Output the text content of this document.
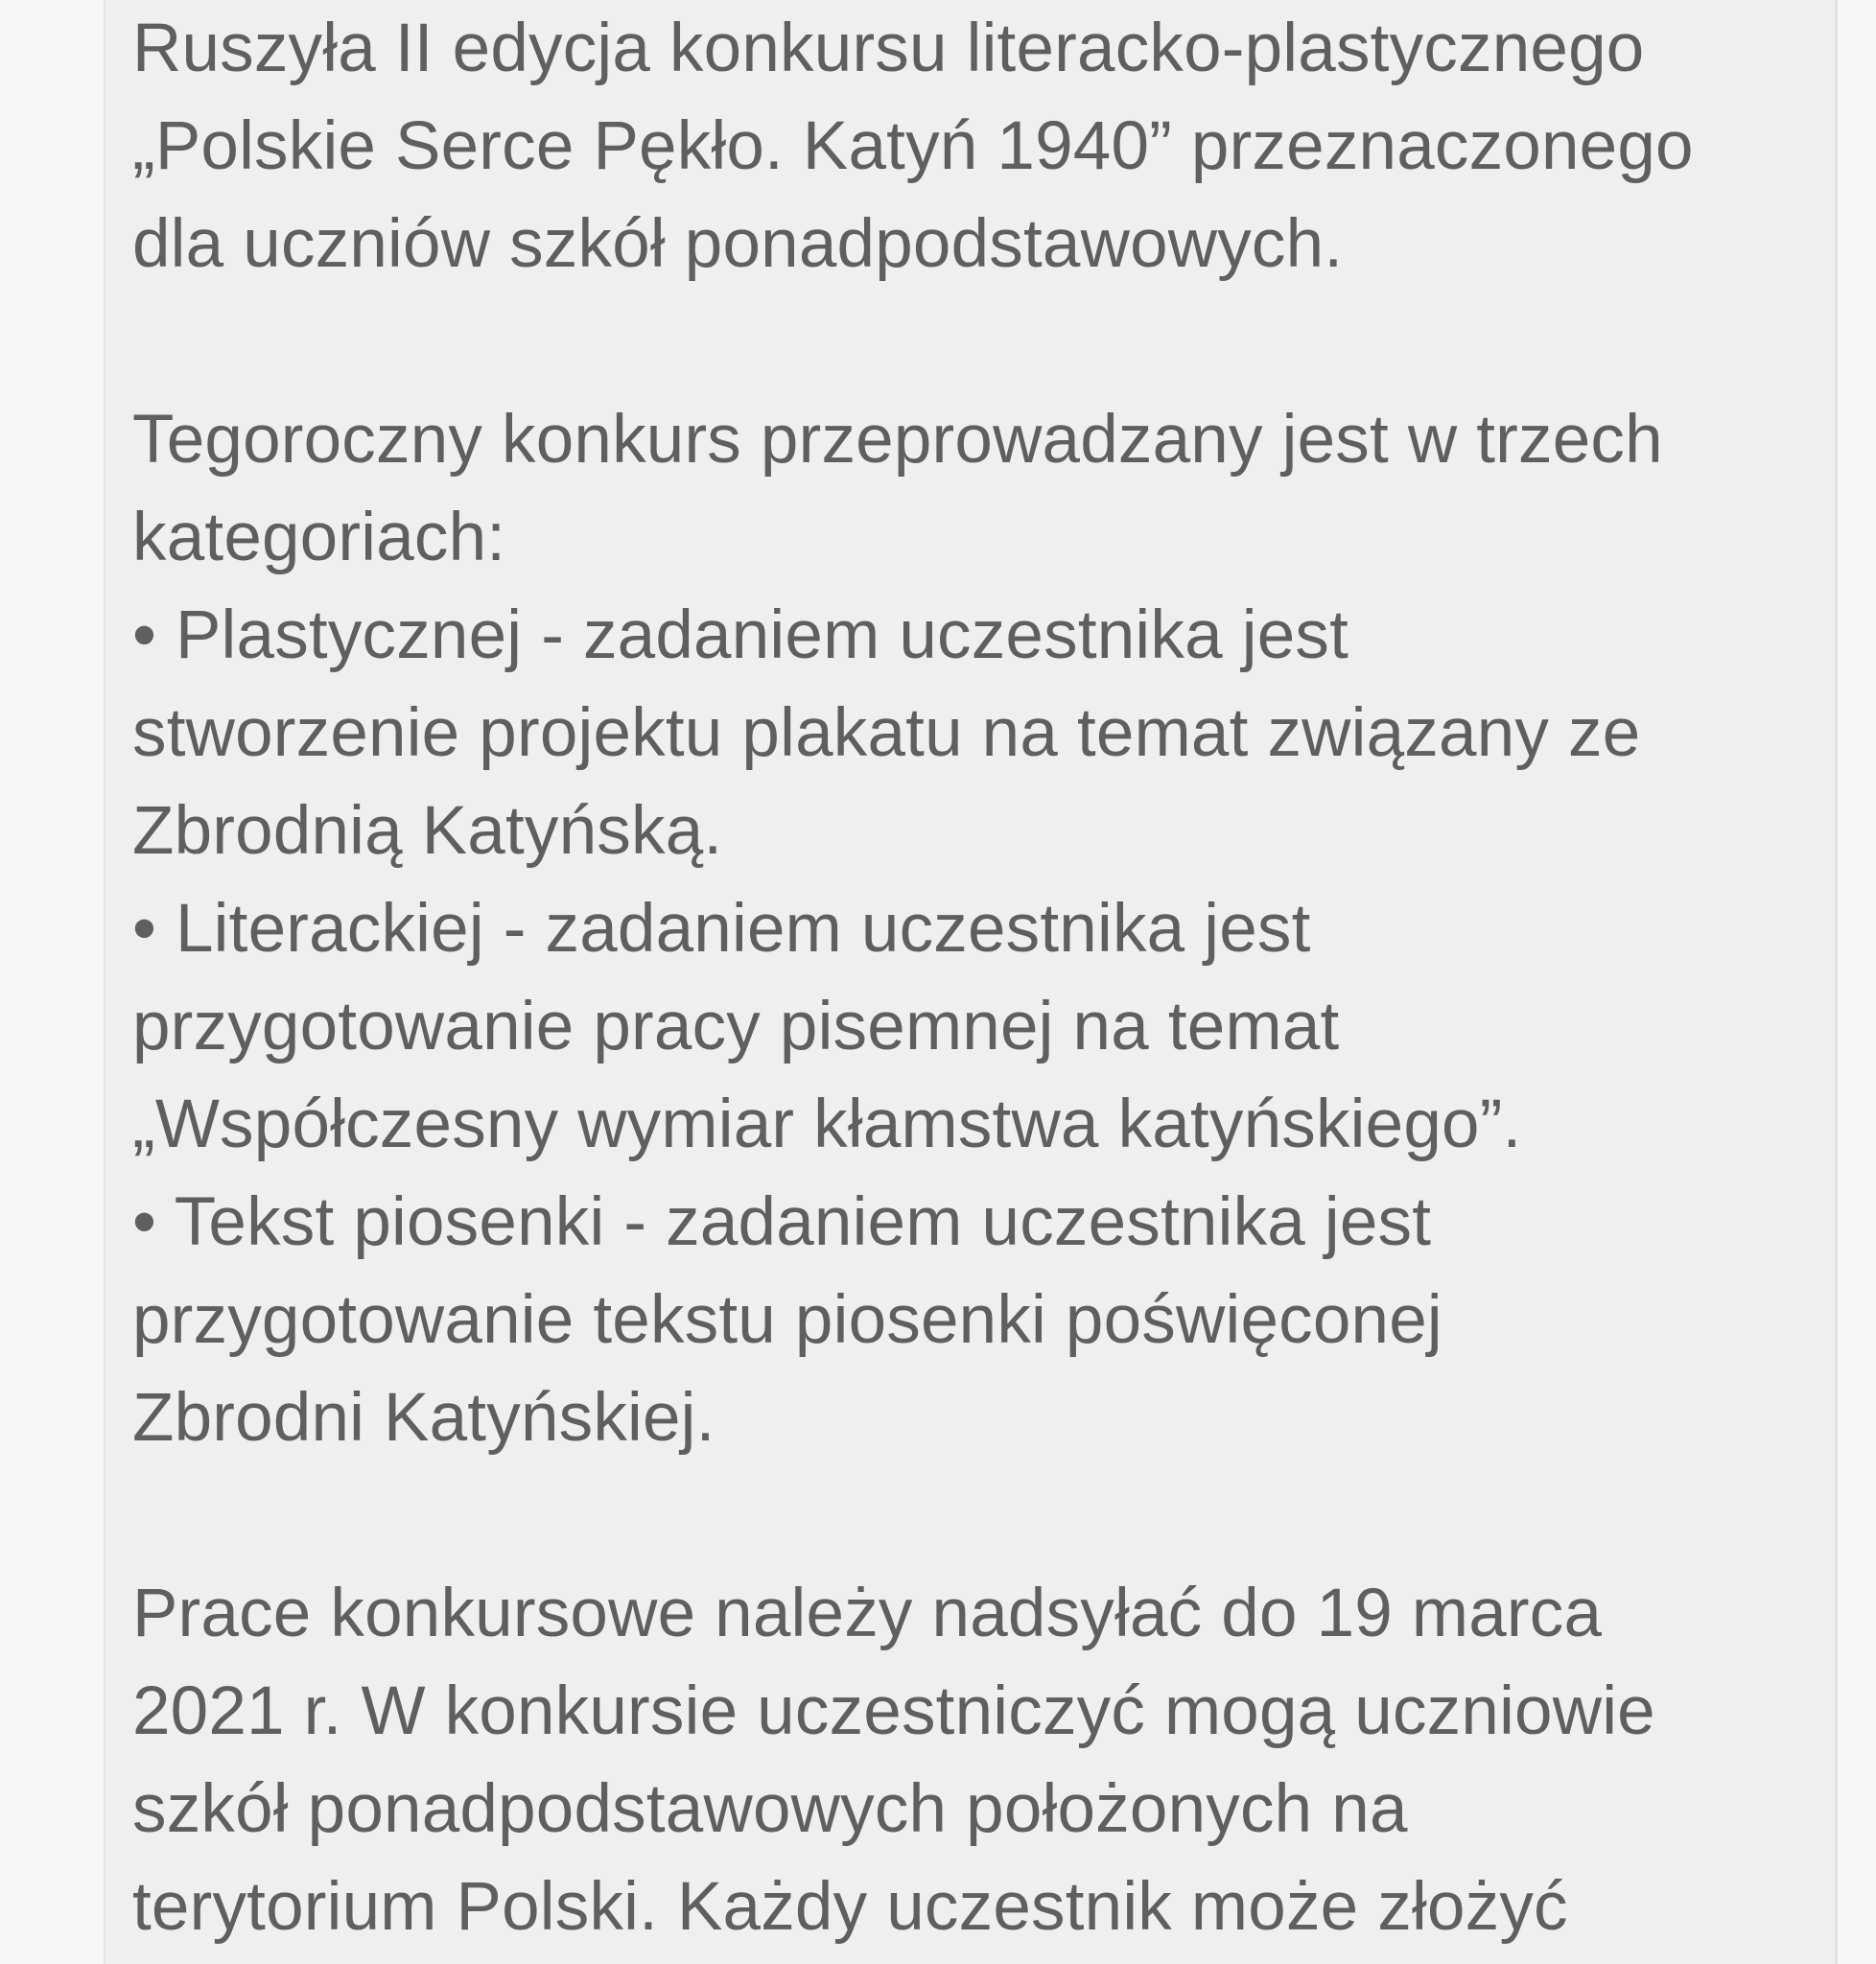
Ruszyła II edycja konkursu literacko-plastycznego
„Polskie Serce Pękło. Katyń 1940” przeznaczonego
dla uczniów szkół ponadpodstawowych.
Tegoroczny konkurs przeprowadzany jest w trzech
kategoriach:
• Plastycznej - zadaniem uczestnika jest
stworzenie projektu plakatu na temat związany ze
Zbrodnią Katyńską.
• Literackiej - zadaniem uczestnika jest
przygotowanie pracy pisemnej na temat
„Współczesny wymiar kłamstwa katyńskiego”.
• Tekst piosenki - zadaniem uczestnika jest
przygotowanie tekstu piosenki poświęconej
Zbrodni Katyńskiej.
Prace konkursowe należy nadsyłać do 19 marca
2021 r. W konkursie uczestniczyć mogą uczniowie
szkół ponadpodstawowych położonych na
terytorium Polski. Każdy uczestnik może złożyć
